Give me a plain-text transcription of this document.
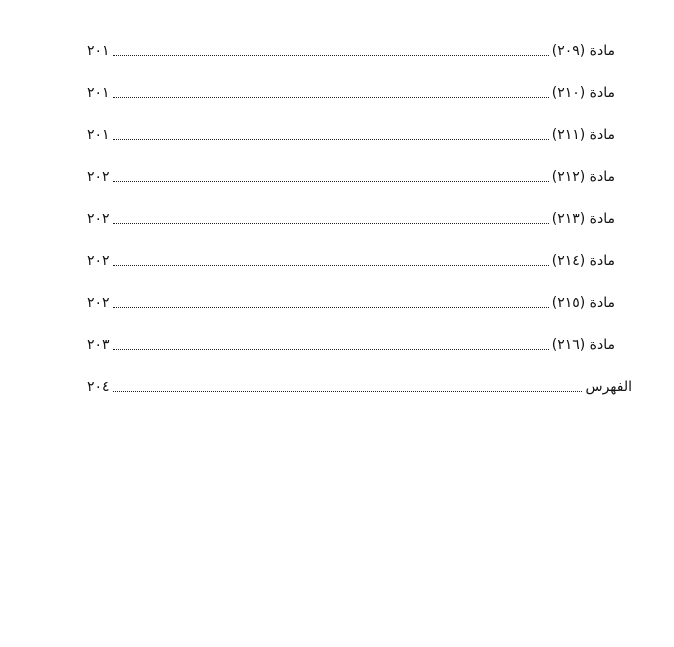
مادة (٢٠٩)
٢٠١
مادة (٢١٠)
٢٠١
مادة (٢١١)
٢٠١
مادة (٢١٢)
٢٠٢
مادة (٢١٣)
٢٠٢
مادة (٢١٤)
٢٠٢
مادة (٢١٥)
٢٠٢
مادة (٢١٦)
٢٠٣
الفهرس
٢٠٤
